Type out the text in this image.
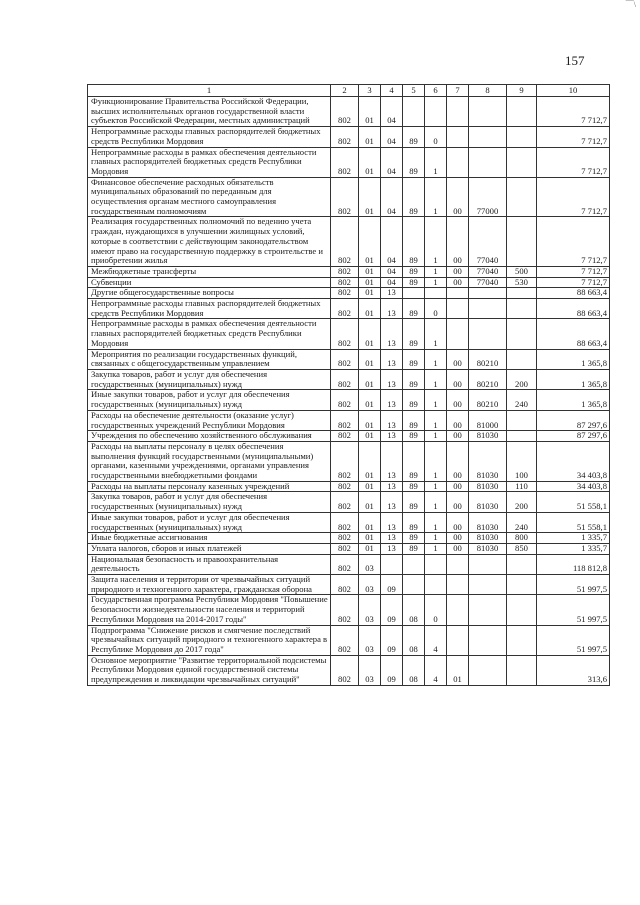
¯¯\
157
1	2	3	4	5	6	7	8	9	10
Функционирование Правительства Российской Федерации, высших исполнительных органов государственной власти субъектов Российской Федерации, местных администраций	802	01	04						7 712,7
Непрограммные расходы главных распорядителей бюджетных средств Республики Мордовия	802	01	04	89	0				7 712,7
Непрограммные расходы в рамках обеспечения деятельности главных распорядителей бюджетных средств Республики Мордовия	802	01	04	89	1				7 712,7
Финансовое обеспечение расходных обязательств муниципальных образований по переданным для осуществления органам местного самоуправления государственным полномочиям	802	01	04	89	1	00	77000		7 712,7
Реализация государственных полномочий по ведению учета граждан, нуждающихся в улучшении жилищных условий, которые в соответствии с действующим законодательством имеют право на государственную поддержку в строительстве и приобретении жилья	802	01	04	89	1	00	77040		7 712,7
Межбюджетные трансферты	802	01	04	89	1	00	77040	500	7 712,7
Субвенции	802	01	04	89	1	00	77040	530	7 712,7
Другие общегосударственные вопросы	802	01	13						88 663,4
Непрограммные расходы главных распорядителей бюджетных средств Республики Мордовия	802	01	13	89	0				88 663,4
Непрограммные расходы в рамках обеспечения деятельности главных распорядителей бюджетных средств Республики Мордовия	802	01	13	89	1				88 663,4
Мероприятия по реализации государственных функций, связанных с общегосударственным управлением	802	01	13	89	1	00	80210		1 365,8
Закупка товаров, работ и услуг для обеспечения государственных (муниципальных) нужд	802	01	13	89	1	00	80210	200	1 365,8
Иные закупки товаров, работ и услуг для обеспечения государственных (муниципальных) нужд	802	01	13	89	1	00	80210	240	1 365,8
Расходы на обеспечение деятельности (оказание услуг) государственных учреждений Республики Мордовия	802	01	13	89	1	00	81000		87 297,6
Учреждения по обеспечению хозяйственного обслуживания	802	01	13	89	1	00	81030		87 297,6
Расходы на выплаты персоналу в целях обеспечения выполнения функций государственными (муниципальными) органами, казенными учреждениями, органами управления государственными внебюджетными фондами	802	01	13	89	1	00	81030	100	34 403,8
Расходы на выплаты персоналу казенных учреждений	802	01	13	89	1	00	81030	110	34 403,8
Закупка товаров, работ и услуг для обеспечения государственных (муниципальных) нужд	802	01	13	89	1	00	81030	200	51 558,1
Иные закупки товаров, работ и услуг для обеспечения государственных (муниципальных) нужд	802	01	13	89	1	00	81030	240	51 558,1
Иные бюджетные ассигнования	802	01	13	89	1	00	81030	800	1 335,7
Уплата налогов, сборов и иных платежей	802	01	13	89	1	00	81030	850	1 335,7
Национальная безопасность и правоохранительная деятельность	802	03							118 812,8
Защита населения и территории от чрезвычайных ситуаций природного и техногенного характера, гражданская оборона	802	03	09						51 997,5
Государственная программа Республики Мордовия "Повышение безопасности жизнедеятельности населения и территорий Республики Мордовия на 2014-2017 годы"	802	03	09	08	0				51 997,5
Подпрограмма "Снижение рисков и смягчение последствий чрезвычайных ситуаций природного и техногенного характера в Республике Мордовия до 2017 года"	802	03	09	08	4				51 997,5
Основное мероприятие "Развитие территориальной подсистемы Республики Мордовия единой государственной системы предупреждения и ликвидации чрезвычайных ситуаций"	802	03	09	08	4	01			313,6
